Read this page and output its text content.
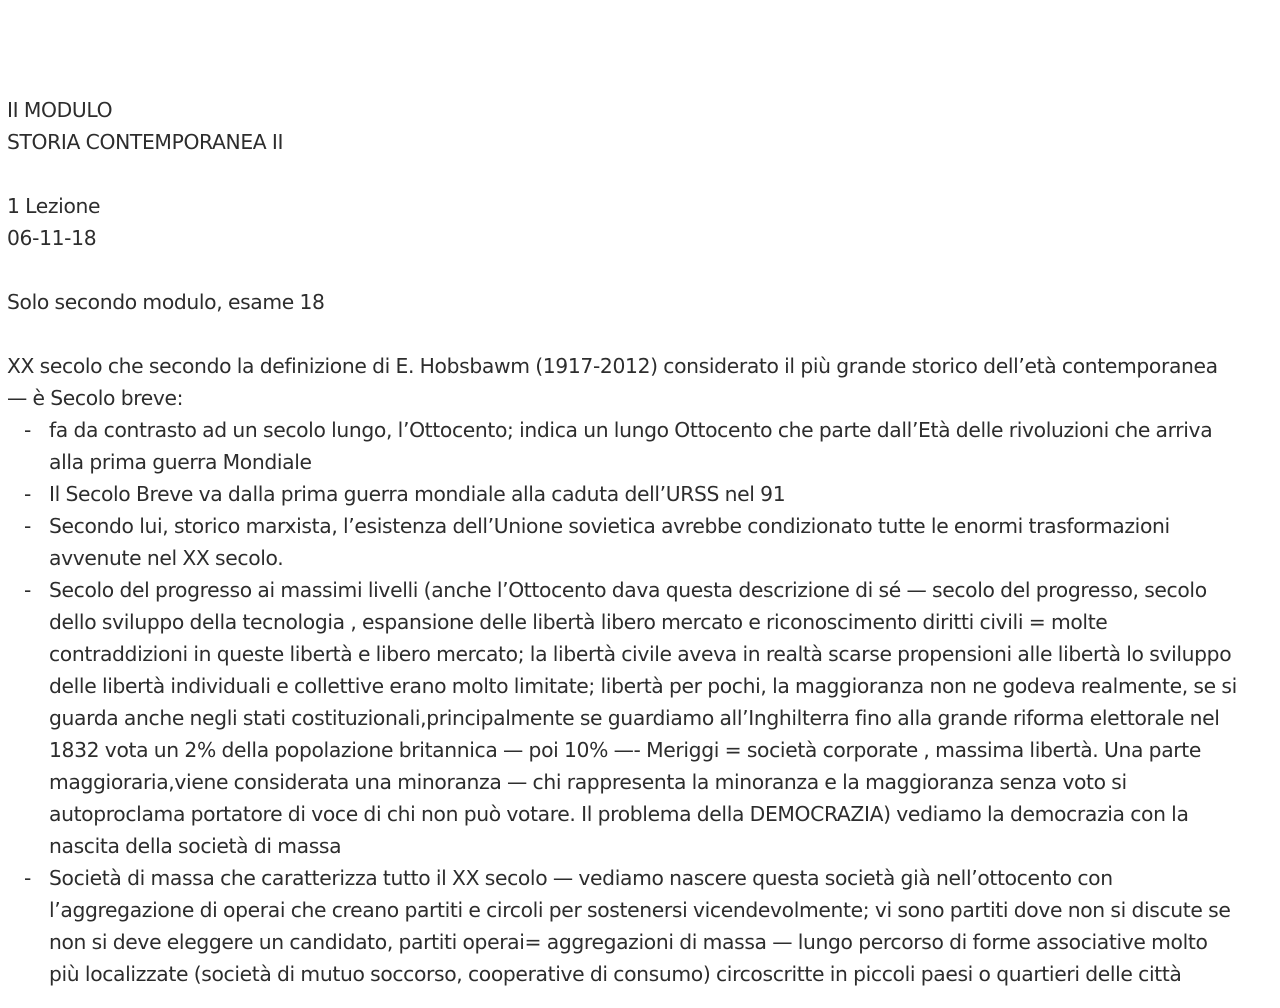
II MODULO
STORIA CONTEMPORANEA II
1 Lezione
06-11-18
Solo secondo modulo, esame 18
XX secolo che secondo la definizione di E. Hobsbawm (1917-2012) considerato il più grande storico dell’età contemporanea
— è Secolo breve:
- fa da contrasto ad un secolo lungo, l’Ottocento; indica un lungo Ottocento che parte dall’Età delle rivoluzioni che arriva
alla prima guerra Mondiale
- Il Secolo Breve va dalla prima guerra mondiale alla caduta dell’URSS nel 91
- Secondo lui, storico marxista, l’esistenza dell’Unione sovietica avrebbe condizionato tutte le enormi trasformazioni
avvenute nel XX secolo.
- Secolo del progresso ai massimi livelli (anche l’Ottocento dava questa descrizione di sé — secolo del progresso, secolo
dello sviluppo della tecnologia , espansione delle libertà libero mercato e riconoscimento diritti civili = molte
contraddizioni in queste libertà e libero mercato; la libertà civile aveva in realtà scarse propensioni alle libertà lo sviluppo
delle libertà individuali e collettive erano molto limitate; libertà per pochi, la maggioranza non ne godeva realmente, se si
guarda anche negli stati costituzionali,principalmente se guardiamo all’Inghilterra fino alla grande riforma elettorale nel
1832 vota un 2% della popolazione britannica — poi 10% —- Meriggi = società corporate , massima libertà. Una parte
maggioraria,viene considerata una minoranza — chi rappresenta la minoranza e la maggioranza senza voto si
autoproclama portatore di voce di chi non può votare. Il problema della DEMOCRAZIA) vediamo la democrazia con la
nascita della società di massa
- Società di massa che caratterizza tutto il XX secolo — vediamo nascere questa società già nell’ottocento con
l’aggregazione di operai che creano partiti e circoli per sostenersi vicendevolmente; vi sono partiti dove non si discute se
non si deve eleggere un candidato, partiti operai= aggregazioni di massa — lungo percorso di forme associative molto
più localizzate (società di mutuo soccorso, cooperative di consumo) circoscritte in piccoli paesi o quartieri delle città
